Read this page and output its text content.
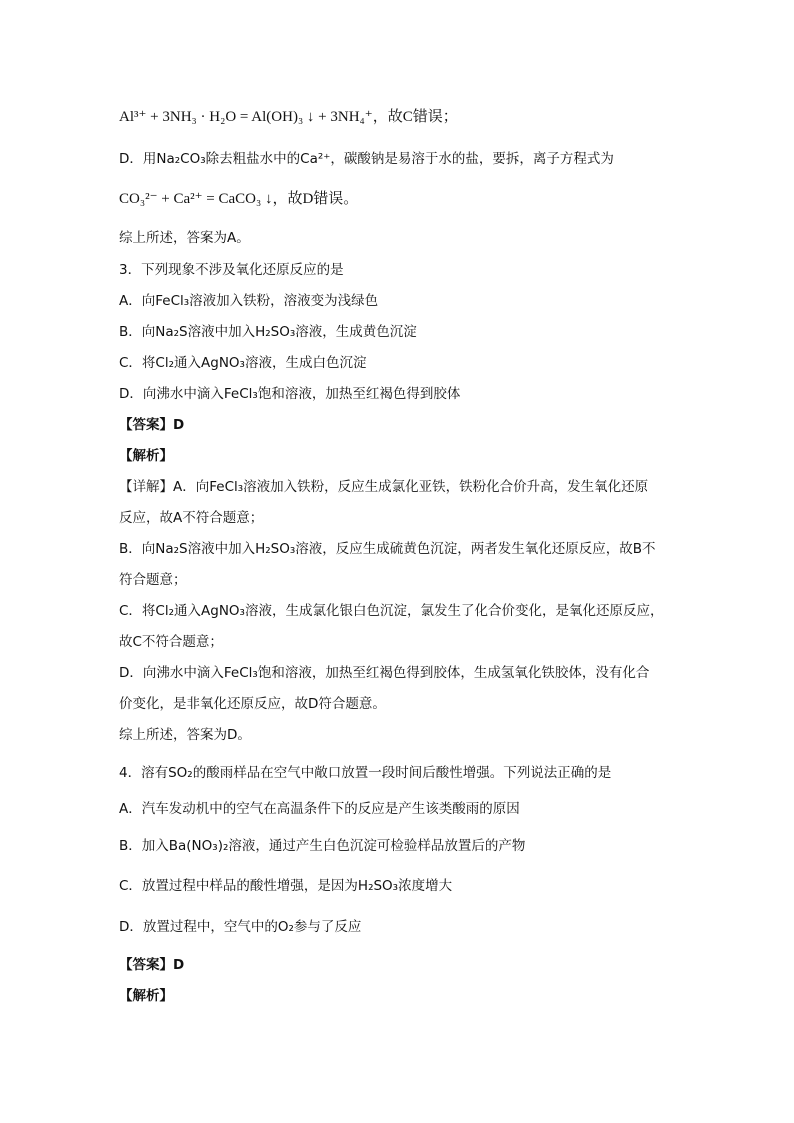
Al³⁺ + 3NH₃ · H₂O = Al(OH)₃ ↓ + 3NH₄⁺，故C错误；
D．用Na₂CO₃除去粗盐水中的Ca²⁺，碳酸钠是易溶于水的盐，要拆，离子方程式为
CO₃²⁻ + Ca²⁺ = CaCO₃ ↓，故D错误。
综上所述，答案为A。
3．下列现象不涉及氧化还原反应的是
A．向FeCl₃溶液加入铁粉，溶液变为浅绿色
B．向Na₂S溶液中加入H₂SO₃溶液，生成黄色沉淀
C．将Cl₂通入AgNO₃溶液，生成白色沉淀
D．向沸水中滴入FeCl₃饱和溶液，加热至红褐色得到胶体
【答案】D
【解析】
【详解】A．向FeCl₃溶液加入铁粉，反应生成氯化亚铁，铁粉化合价升高，发生氧化还原
反应，故A不符合题意；
B．向Na₂S溶液中加入H₂SO₃溶液，反应生成硫黄色沉淀，两者发生氧化还原反应，故B不
符合题意；
C．将Cl₂通入AgNO₃溶液，生成氯化银白色沉淀，氯发生了化合价变化，是氧化还原反应，
故C不符合题意；
D．向沸水中滴入FeCl₃饱和溶液，加热至红褐色得到胶体，生成氢氧化铁胶体，没有化合
价变化，是非氧化还原反应，故D符合题意。
综上所述，答案为D。
4．溶有SO₂的酸雨样品在空气中敞口放置一段时间后酸性增强。下列说法正确的是
A．汽车发动机中的空气在高温条件下的反应是产生该类酸雨的原因
B．加入Ba(NO₃)₂溶液，通过产生白色沉淀可检验样品放置后的产物
C．放置过程中样品的酸性增强，是因为H₂SO₃浓度增大
D．放置过程中，空气中的O₂参与了反应
【答案】D
【解析】
